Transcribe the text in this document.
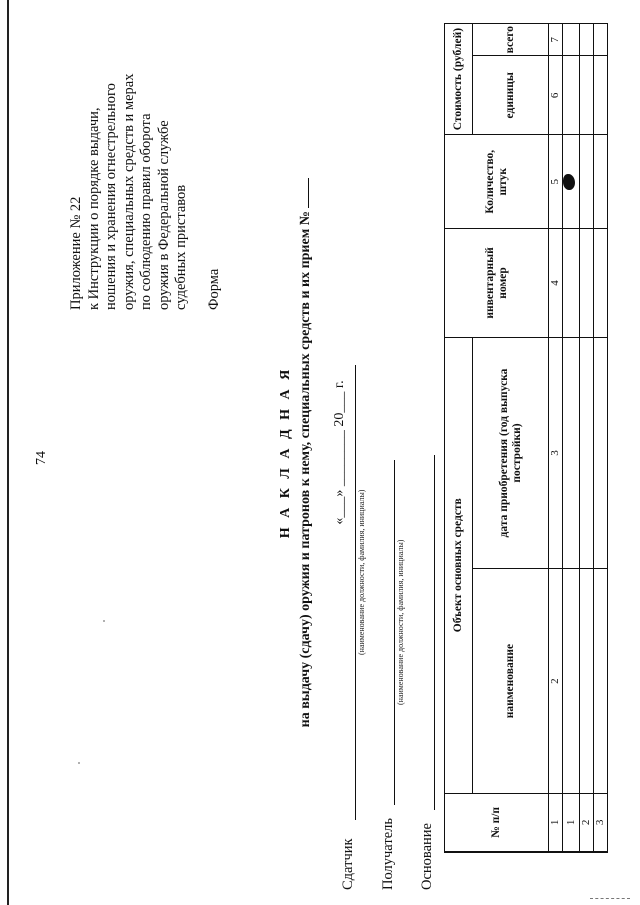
74
Приложение № 22 к Инструкции о порядке выдачи, ношения и хранения огнестрельного оружия, специальных средств и мерах по соблюдению правил оборота оружия в Федеральной службе судебных приставов Форма
Н А К Л А Д Н А Я на выдачу (сдачу) оружия и патронов к нему, специальных средств и их прием № «___» ________ 20___ г.
Сдатчик
(наименование должности, фамилия, инициалы)
Получатель
(наименование должности, фамилия, инициалы)
Основание
№ п/п	Объект основных средств		инвентарный номер	Количество, штук	Стоимость (рублей)	
	наименование	дата приобретения (год выпуска постройки)			единицы	всего
1	2	3	4	5	6	7
1						
2						
3						
